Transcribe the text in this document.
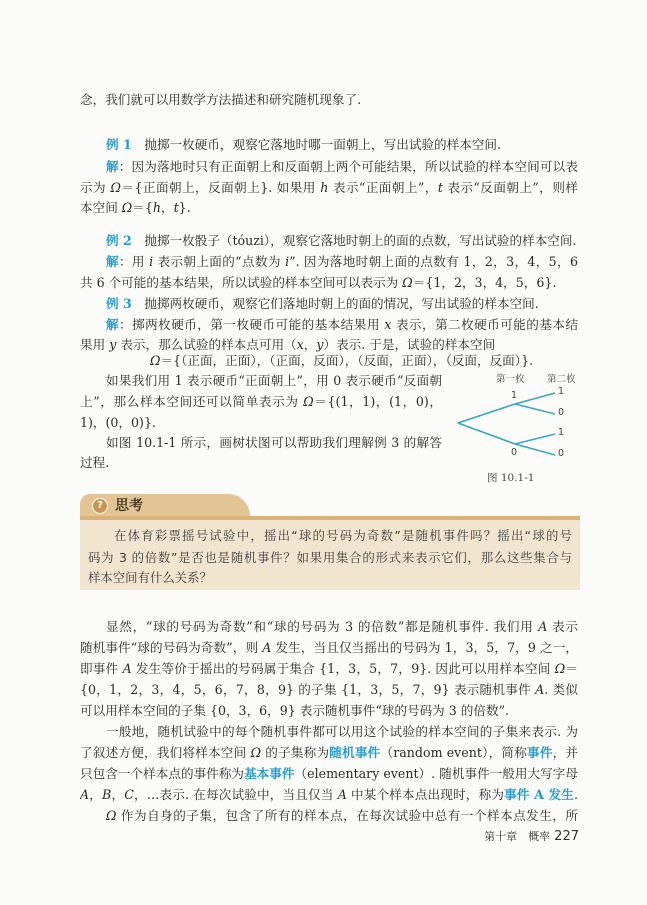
念，我们就可以用数学方法描述和研究随机现象了.
例 1　抛掷一枚硬币，观察它落地时哪一面朝上，写出试验的样本空间.
解：因为落地时只有正面朝上和反面朝上两个可能结果，所以试验的样本空间可以表
示为 Ω＝{正面朝上，反面朝上}. 如果用 h 表示“正面朝上”，t 表示“反面朝上”，则样
本空间 Ω＝{h，t}.
例 2　抛掷一枚骰子（tóuzi），观察它落地时朝上的面的点数，写出试验的样本空间.
解：用 i 表示朝上面的“点数为 i”. 因为落地时朝上面的点数有 1，2，3，4，5，6
共 6 个可能的基本结果，所以试验的样本空间可以表示为 Ω＝{1，2，3，4，5，6}.
例 3　抛掷两枚硬币，观察它们落地时朝上的面的情况，写出试验的样本空间.
解：掷两枚硬币，第一枚硬币可能的基本结果用 x 表示，第二枚硬币可能的基本结
果用 y 表示，那么试验的样本点可用（x，y）表示. 于是，试验的样本空间
Ω＝{（正面，正面），（正面，反面），（反面，正面），（反面，反面）}.
如果我们用 1 表示硬币“正面朝上”，用 0 表示硬币“反面朝
上”，那么样本空间还可以简单表示为 Ω＝{(1，1)，(1，0)，
1)，(0，0)}.
如图 10.1-1 所示，画树状图可以帮助我们理解例 3 的解答
过程.
显然，“球的号码为奇数”和“球的号码为 3 的倍数”都是随机事件. 我们用 A 表示
随机事件“球的号码为奇数”，则 A 发生，当且仅当摇出的号码为 1，3，5，7，9 之一，
即事件 A 发生等价于摇出的号码属于集合 {1，3，5，7，9}. 因此可以用样本空间 Ω＝
{0，1，2，3，4，5，6，7，8，9} 的子集 {1，3，5，7，9} 表示随机事件 A. 类似
可以用样本空间的子集 {0，3，6，9} 表示随机事件“球的号码为 3 的倍数”.
一般地，随机试验中的每个随机事件都可以用这个试验的样本空间的子集来表示. 为
了叙述方便，我们将样本空间 Ω 的子集称为随机事件（random event），简称事件，并
只包含一个样本点的事件称为基本事件（elementary event）. 随机事件一般用大写字母
A，B，C，…表示. 在每次试验中，当且仅当 A 中某个样本点出现时，称为事件 A 发生.
Ω 作为自身的子集，包含了所有的样本点，在每次试验中总有一个样本点发生，所
? 思考
在体育彩票摇号试验中，摇出“球的号码为奇数”是随机事件吗？摇出“球的号
码为 3 的倍数”是否也是随机事件？如果用集合的形式来表示它们，那么这些集合与
样本空间有什么关系？
第一枚 第二枚
1
0
1
0
1
0
图 10.1-1
第十章　概率 227
